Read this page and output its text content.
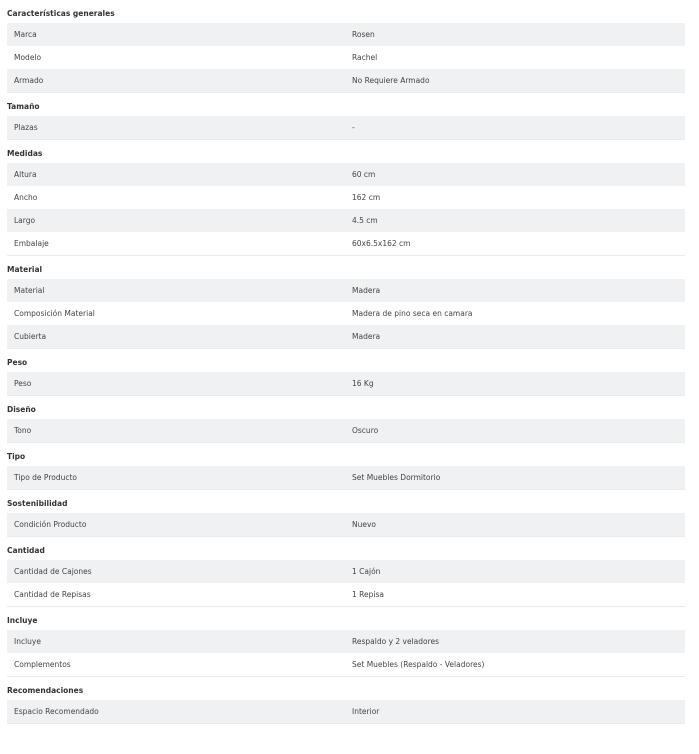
Características generales
Marca	Rosen
Modelo	Rachel
Armado	No Requiere Armado
Tamaño
Plazas	-
Medidas
Altura	60 cm
Ancho	162 cm
Largo	4.5 cm
Embalaje	60x6.5x162 cm
Material
Material	Madera
Composición Material	Madera de pino seca en camara
Cubierta	Madera
Peso
Peso	16 Kg
Diseño
Tono	Oscuro
Tipo
Tipo de Producto	Set Muebles Dormitorio
Sostenibilidad
Condición Producto	Nuevo
Cantidad
Cantidad de Cajones	1 Cajón
Cantidad de Repisas	1 Repisa
Incluye
Incluye	Respaldo y 2 veladores
Complementos	Set Muebles (Respaldo - Veladores)
Recomendaciones
Espacio Recomendado	Interior
